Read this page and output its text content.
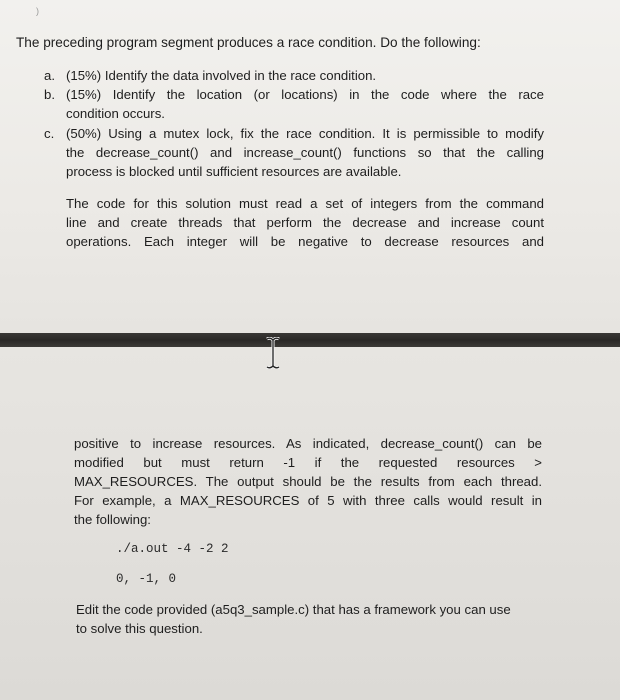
)
The preceding program segment produces a race condition. Do the following:
a. (15%) Identify the data involved in the race condition.
b. (15%) Identify the location (or locations) in the code where the race
condition occurs.
c. (50%) Using a mutex lock, fix the race condition. It is permissible to modify
the decrease_count() and increase_count() functions so that the calling
process is blocked until sufficient resources are available.
The code for this solution must read a set of integers from the command
line and create threads that perform the decrease and increase count
operations. Each integer will be negative to decrease resources and
positive to increase resources. As indicated, decrease_count() can be
modified but must return -1 if the requested resources >
MAX_RESOURCES. The output should be the results from each thread.
For example, a MAX_RESOURCES of 5 with three calls would result in
the following:
./a.out -4 -2 2
0, -1, 0
Edit the code provided (a5q3_sample.c) that has a framework you can use
to solve this question.
